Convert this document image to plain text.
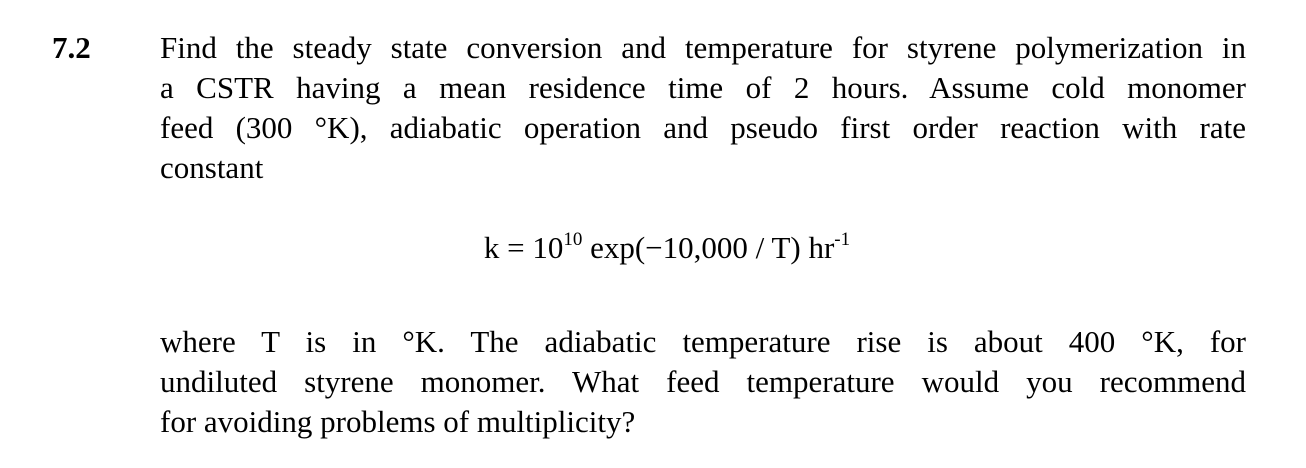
7.2 Find the steady state conversion and temperature for styrene polymerization in
a CSTR having a mean residence time of 2 hours. Assume cold monomer
feed (300 °K), adiabatic operation and pseudo first order reaction with rate
constant

$k = 10^{10}$ exp(−10,000 / T) $hr^{-1}$

where T is in °K. The adiabatic temperature rise is about 400 °K, for
undiluted styrene monomer. What feed temperature would you recommend
for avoiding problems of multiplicity?
